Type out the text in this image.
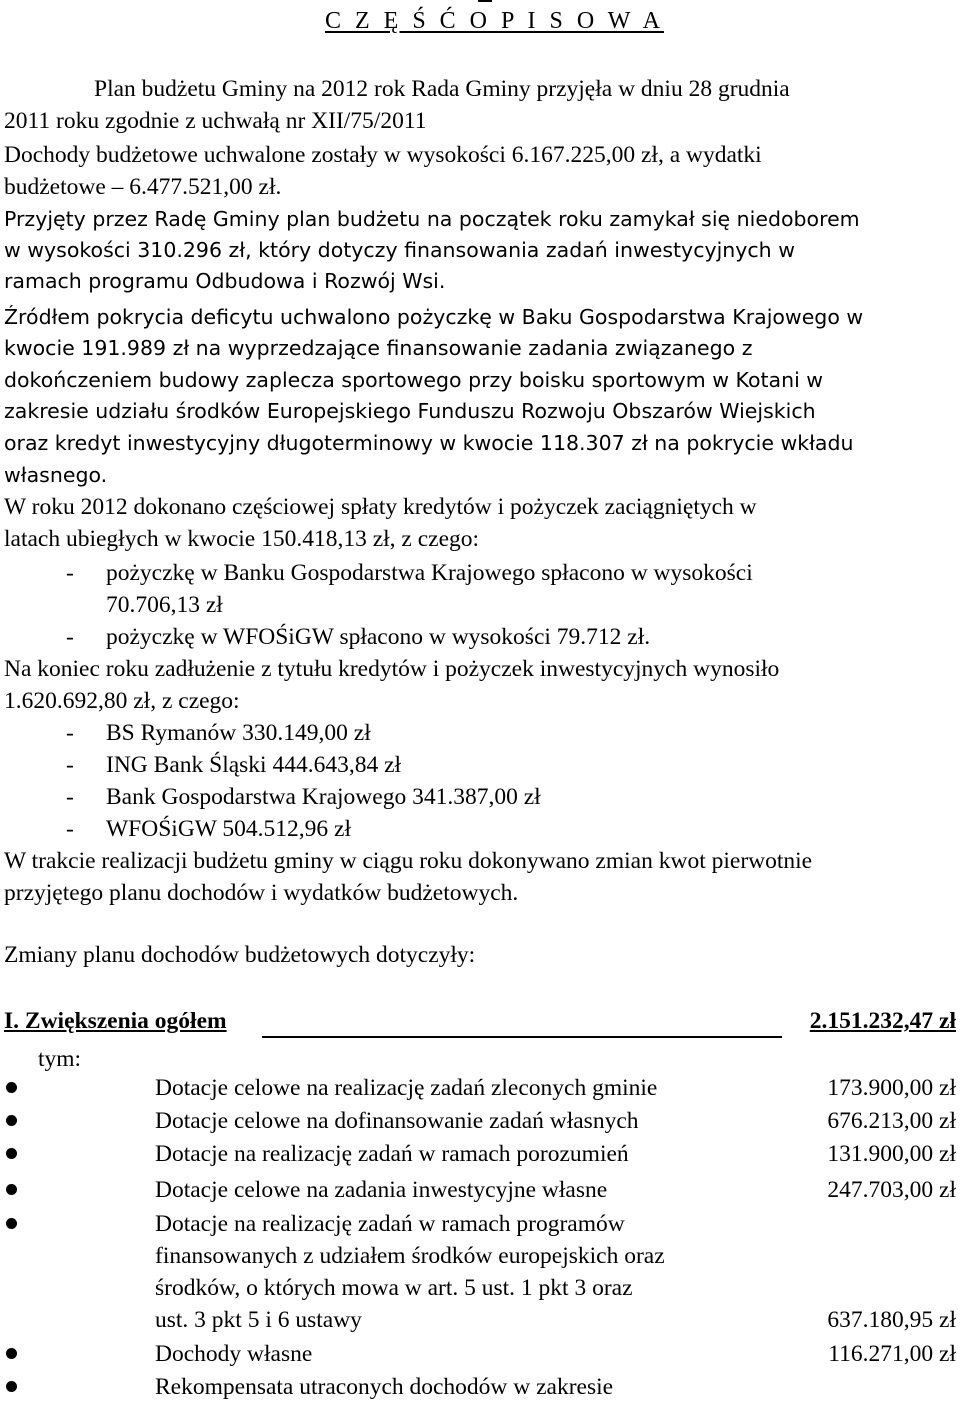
C Z Ę Ś Ć O P I S O W A
Plan budżetu Gminy na 2012 rok Rada Gminy przyjęła w dniu 28 grudnia
2011 roku zgodnie z uchwałą nr XII/75/2011
Dochody budżetowe uchwalone zostały w wysokości 6.167.225,00 zł, a wydatki
budżetowe – 6.477.521,00 zł.
Przyjęty przez Radę Gminy plan budżetu na początek roku zamykał się niedoborem
w wysokości 310.296 zł, który dotyczy finansowania zadań inwestycyjnych w
ramach programu Odbudowa i Rozwój Wsi.
Źródłem pokrycia deficytu uchwalono pożyczkę w Baku Gospodarstwa Krajowego w
kwocie 191.989 zł na wyprzedzające finansowanie zadania związanego z
dokończeniem budowy zaplecza sportowego przy boisku sportowym w Kotani w
zakresie udziału środków Europejskiego Funduszu Rozwoju Obszarów Wiejskich
oraz kredyt inwestycyjny długoterminowy w kwocie 118.307 zł na pokrycie wkładu
własnego.
W roku 2012 dokonano częściowej spłaty kredytów i pożyczek zaciągniętych w
latach ubiegłych w kwocie 150.418,13 zł, z czego:
- pożyczkę w Banku Gospodarstwa Krajowego spłacono w wysokości
70.706,13 zł
- pożyczkę w WFOŚiGW spłacono w wysokości 79.712 zł.
Na koniec roku zadłużenie z tytułu kredytów i pożyczek inwestycyjnych wynosiło
1.620.692,80 zł, z czego:
- BS Rymanów 330.149,00 zł
- ING Bank Śląski 444.643,84 zł
- Bank Gospodarstwa Krajowego 341.387,00 zł
- WFOŚiGW 504.512,96 zł
W trakcie realizacji budżetu gminy w ciągu roku dokonywano zmian kwot pierwotnie
przyjętego planu dochodów i wydatków budżetowych.
Zmiany planu dochodów budżetowych dotyczyły:
I. Zwiększenia ogółem	2.151.232,47 zł
tym:
Dotacje celowe na realizację zadań zleconych gminie	173.900,00 zł
Dotacje celowe na dofinansowanie zadań własnych	676.213,00 zł
Dotacje na realizację zadań w ramach porozumień	131.900,00 zł
Dotacje celowe na zadania inwestycyjne własne	247.703,00 zł
Dotacje na realizację zadań w ramach programów
finansowanych z udziałem środków europejskich oraz
środków, o których mowa w art. 5 ust. 1 pkt 3 oraz
ust. 3 pkt 5 i 6 ustawy	637.180,95 zł
Dochody własne	116.271,00 zł
Rekompensata utraconych dochodów w zakresie
